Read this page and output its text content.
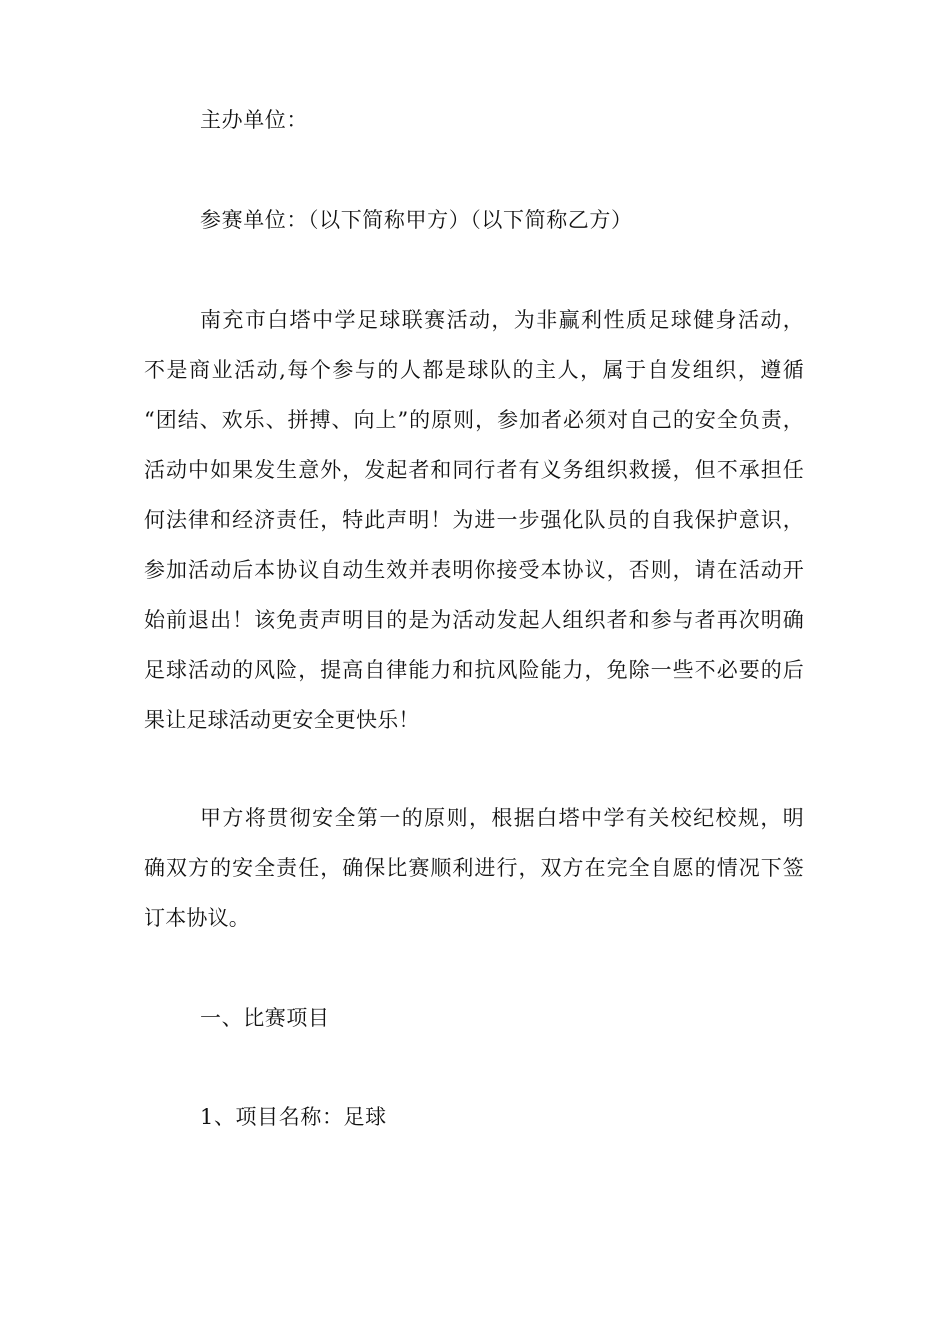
主办单位：
参赛单位：（以下简称甲方）（以下简称乙方）
南充市白塔中学足球联赛活动，为非赢利性质足球健身活动，
不是商业活动,每个参与的人都是球队的主人，属于自发组织，遵循
“团结、欢乐、拼搏、向上”的原则，参加者必须对自己的安全负责，
活动中如果发生意外，发起者和同行者有义务组织救援，但不承担任
何法律和经济责任，特此声明！为进一步强化队员的自我保护意识，
参加活动后本协议自动生效并表明你接受本协议，否则，请在活动开
始前退出！该免责声明目的是为活动发起人组织者和参与者再次明确
足球活动的风险，提高自律能力和抗风险能力，免除一些不必要的后
果让足球活动更安全更快乐！
甲方将贯彻安全第一的原则，根据白塔中学有关校纪校规，明
确双方的安全责任，确保比赛顺利进行，双方在完全自愿的情况下签
订本协议。
一、比赛项目
1、项目名称：足球
